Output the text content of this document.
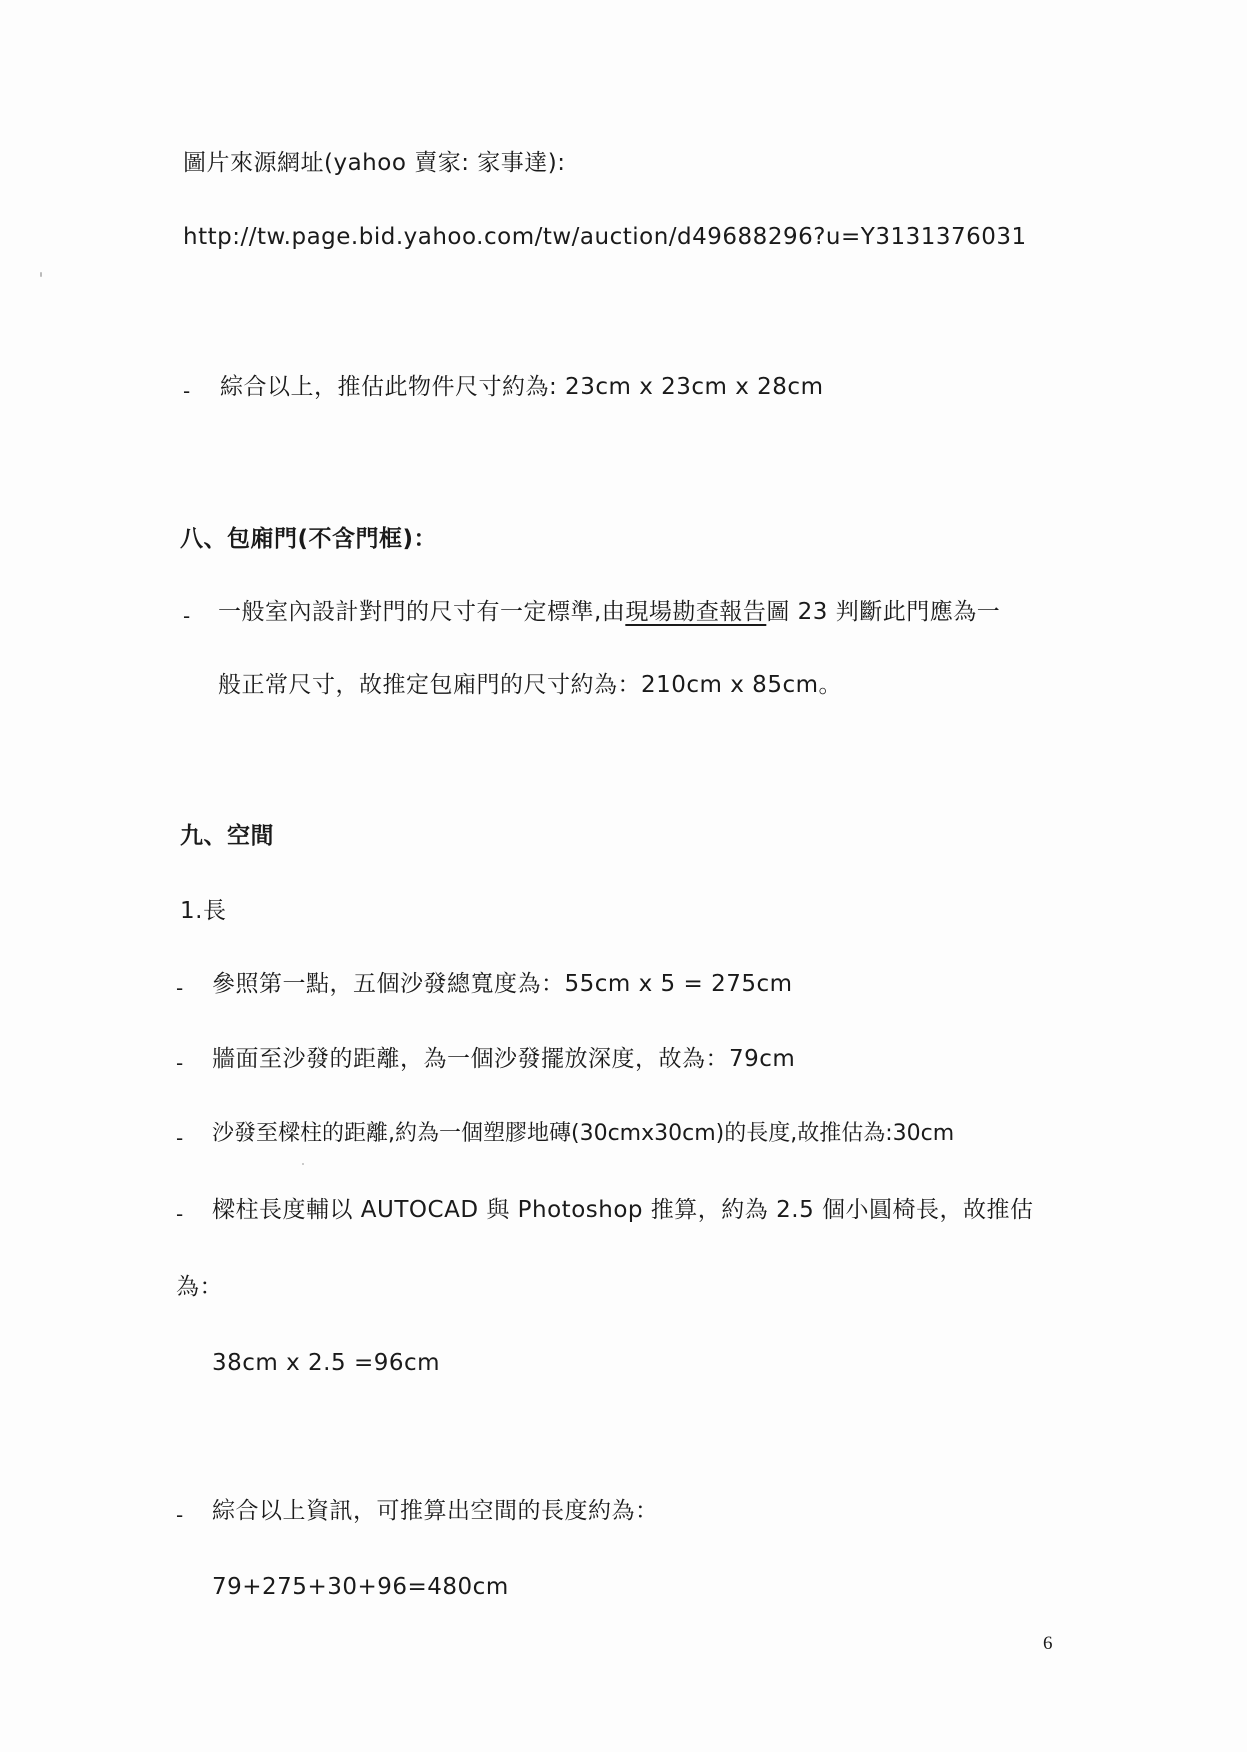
圖片來源網址(yahoo 賣家: 家事達):
http://tw.page.bid.yahoo.com/tw/auction/d49688296?u=Y3131376031
- 綜合以上，推估此物件尺寸約為: 23cm x 23cm x 28cm
八、包廂門(不含門框)：
- 一般室內設計對門的尺寸有一定標準,由現場勘查報告圖 23 判斷此門應為一
般正常尺寸，故推定包廂門的尺寸約為：210cm x 85cm。
九、空間
1.長
- 參照第一點，五個沙發總寬度為：55cm x 5 = 275cm
- 牆面至沙發的距離，為一個沙發擺放深度，故為：79cm
- 沙發至樑柱的距離,約為一個塑膠地磚(30cmx30cm)的長度,故推估為:30cm
- 樑柱長度輔以 AUTOCAD 與 Photoshop 推算，約為 2.5 個小圓椅長，故推估
為：
38cm x 2.5 =96cm
- 綜合以上資訊，可推算出空間的長度約為：
79+275+30+96=480cm
6
